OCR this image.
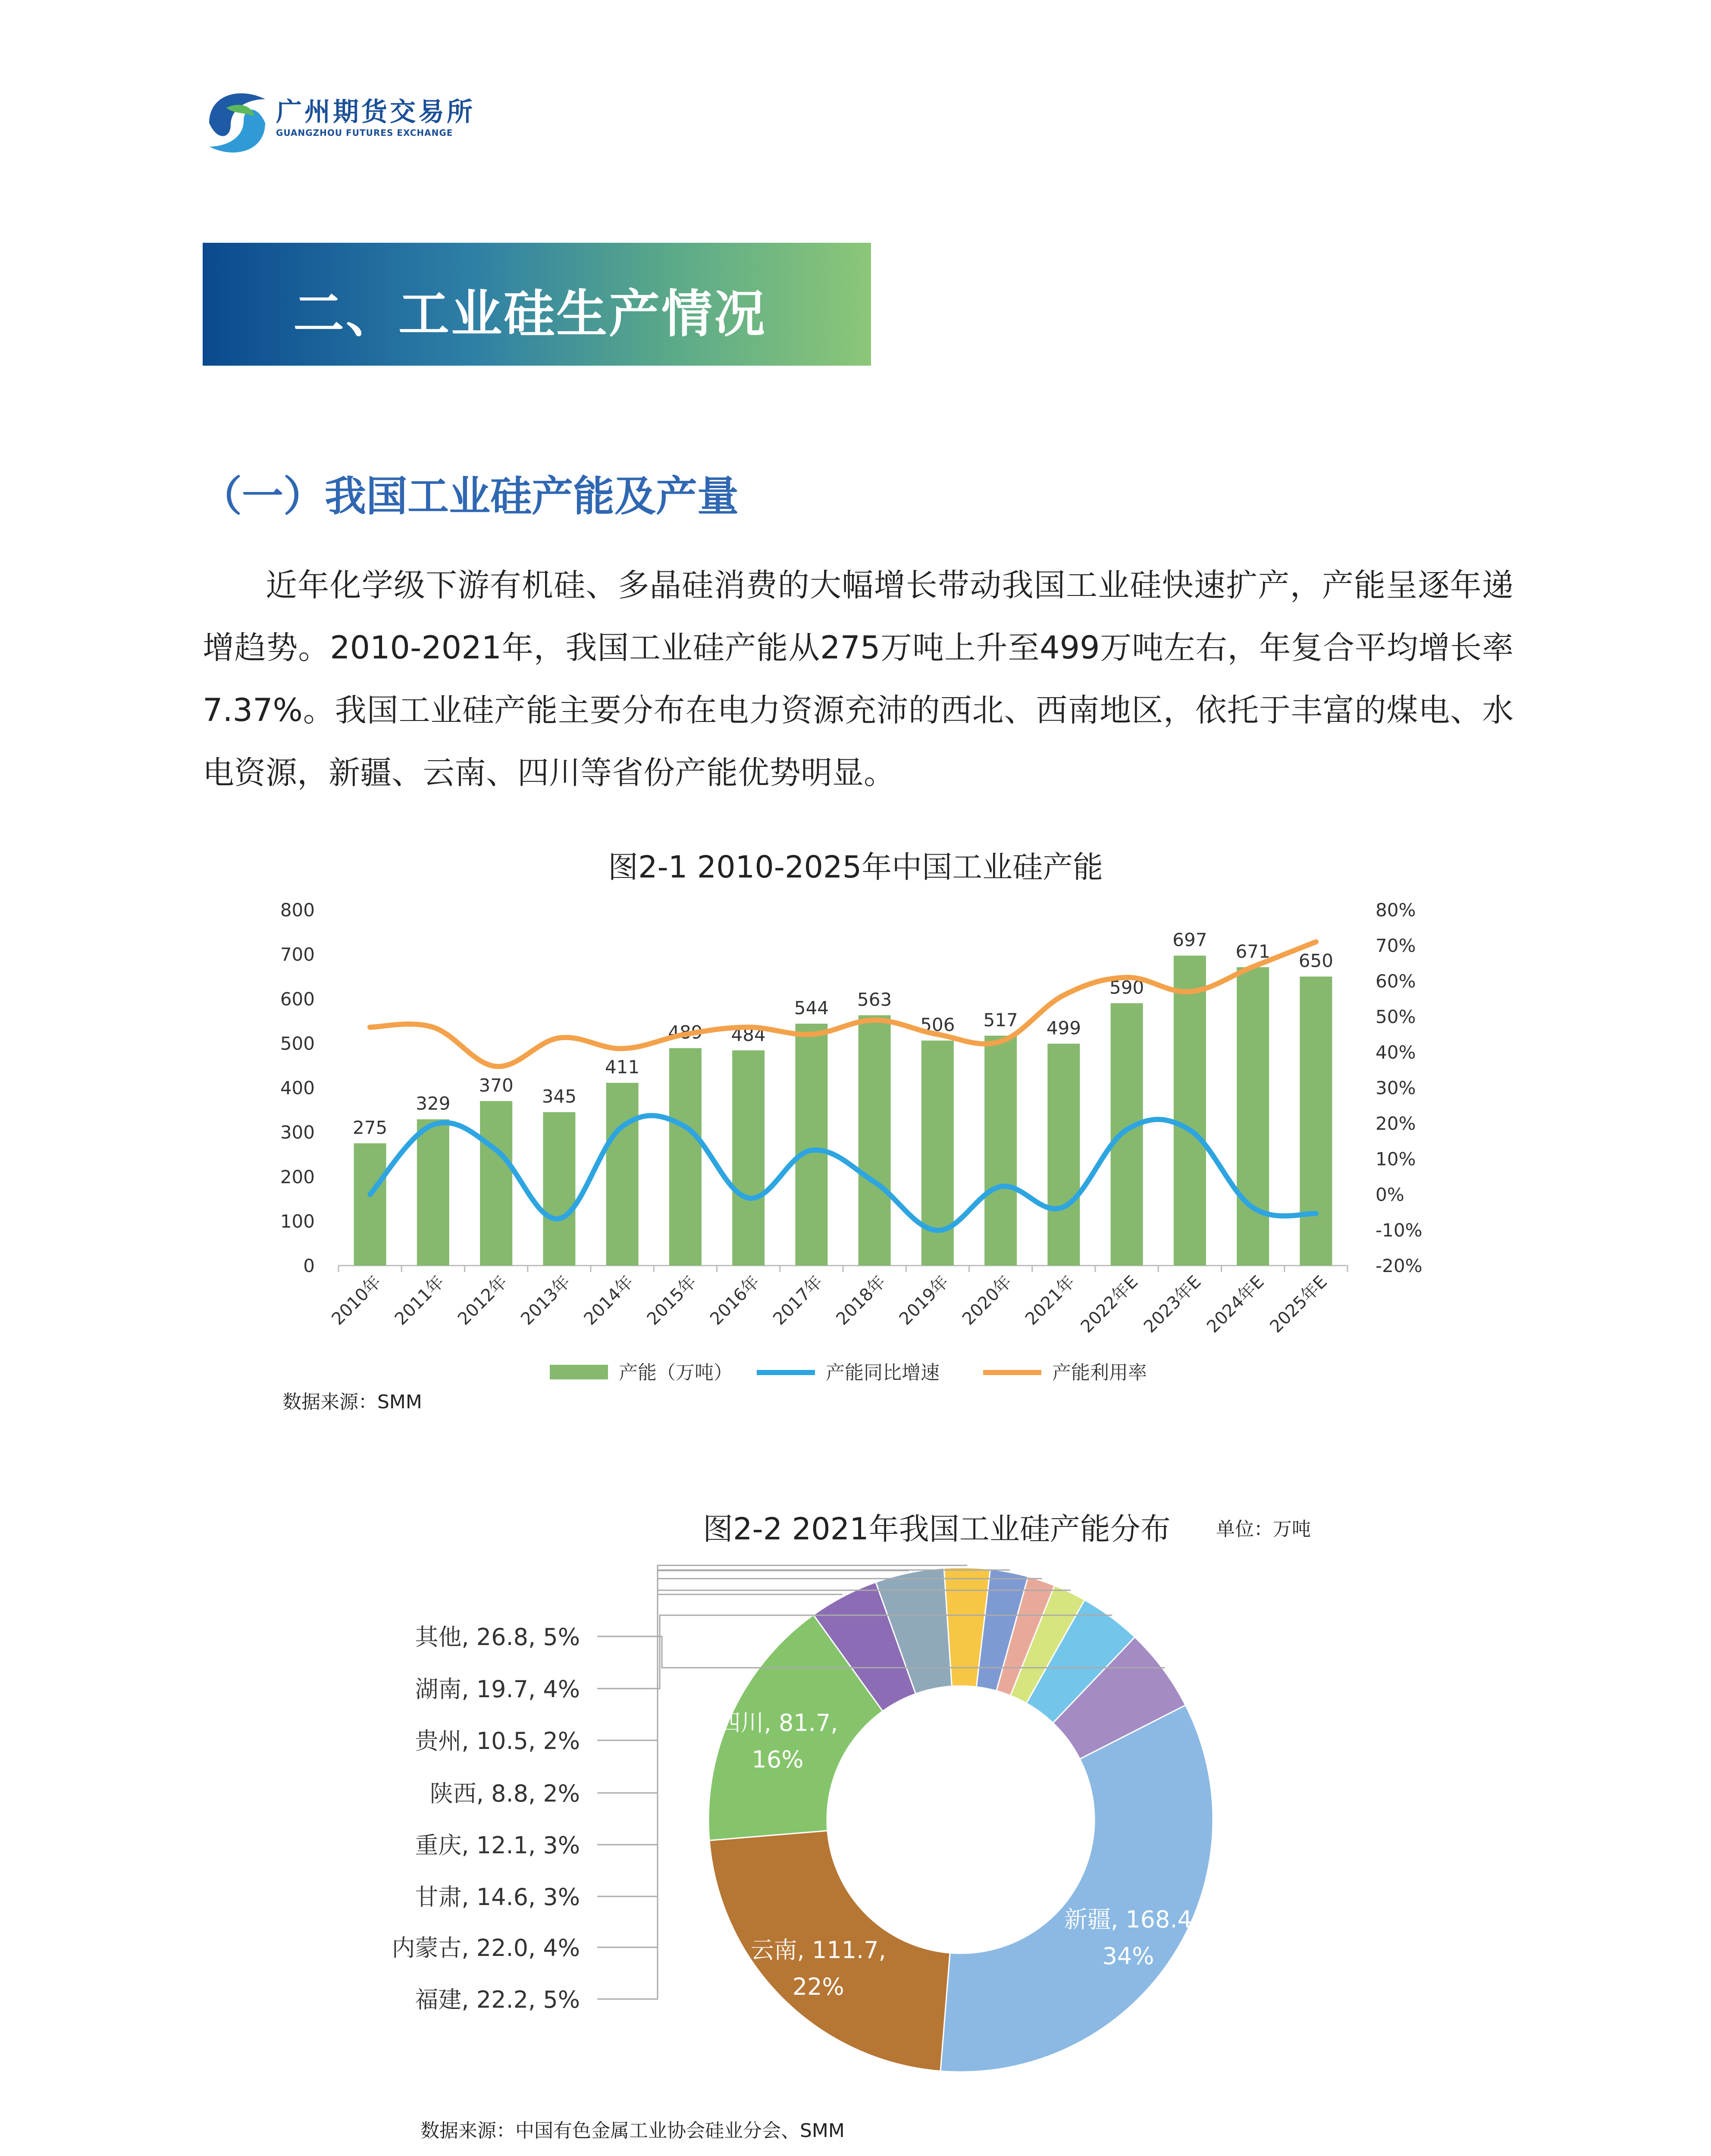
广州期货交易所
GUANGZHOU FUTURES EXCHANGE
二、工业硅生产情况
（一）我国工业硅产能及产量

近年化学级下游有机硅、多晶硅消费的大幅增长带动我国工业硅快速扩产，产能呈逐年递增趋势。2010-2021年，我国工业硅产能从275万吨上升至499万吨左右，年复合平均增长率7.37%。我国工业硅产能主要分布在电力资源充沛的西北、西南地区，依托于丰富的煤电、水电资源，新疆、云南、四川等省份产能优势明显。

图2-1 2010-2025年中国工业硅产能
0
100
200
300
400
500
600
700
800
-20%
-10%
0%
10%
20%
30%
40%
50%
60%
70%
80%
275
329
370
345
411
489 484
544 563
506 517 499
590
697
671 650
2010年 2011年 2012年 2013年 2014年 2015年 2016年 2017年 2018年 2019年 2020年 2021年
2022年E
2023年E
2024年E
2025年E
产能（万吨）	产能同比增速	产能利用率
数据来源：SMM
图2-2 2021年我国工业硅产能分布 单位：万吨
新疆, 168.4
34%
云南, 111.7,
22%
四川, 81.7,
16%
其他, 26.8, 5%
湖南, 19.7, 4%
贵州, 10.5, 2%
陕西, 8.8, 2%
重庆, 12.1, 3%
甘肃, 14.6, 3%
内蒙古, 22.0, 4%
福建, 22.2, 5%
数据来源：中国有色金属工业协会硅业分会、SMM
